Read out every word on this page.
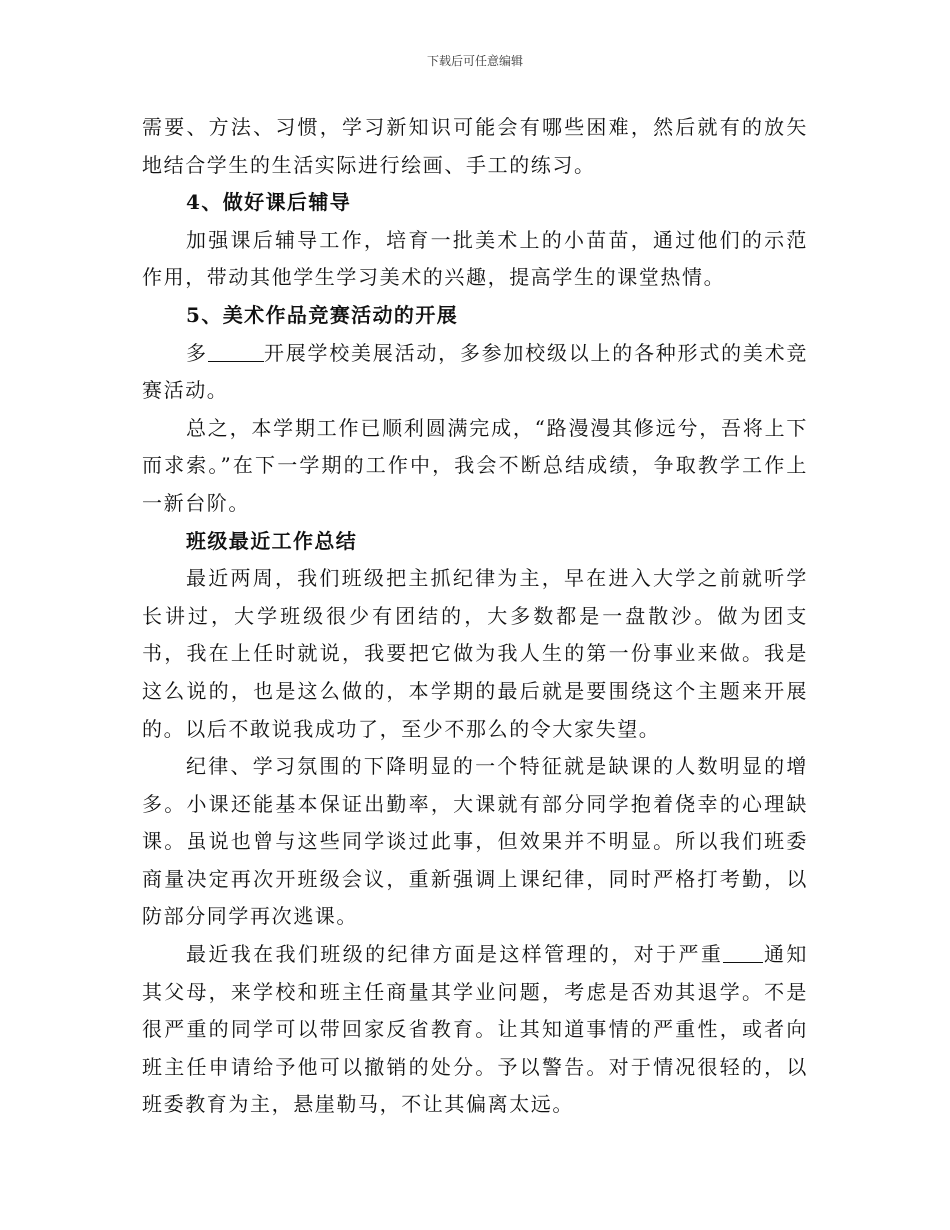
下载后可任意编辑

需要、方法、习惯，学习新知识可能会有哪些困难，然后就有的放矢地结合学生的生活实际进行绘画、手工的练习。

4、做好课后辅导

加强课后辅导工作，培育一批美术上的小苗苗，通过他们的示范作用，带动其他学生学习美术的兴趣，提高学生的课堂热情。

5、美术作品竞赛活动的开展

多	开展学校美展活动，多参加校级以上的各种形式的美术竞赛活动。

总之，本学期工作已顺利圆满完成，“路漫漫其修远兮，吾将上下而求索。”在下一学期的工作中，我会不断总结成绩，争取教学工作上一新台阶。

班级最近工作总结

最近两周，我们班级把主抓纪律为主，早在进入大学之前就听学长讲过，大学班级很少有团结的，大多数都是一盘散沙。做为团支书，我在上任时就说，我要把它做为我人生的第一份事业来做。我是这么说的，也是这么做的，本学期的最后就是要围绕这个主题来开展的。以后不敢说我成功了，至少不那么的令大家失望。

纪律、学习氛围的下降明显的一个特征就是缺课的人数明显的增多。小课还能基本保证出勤率，大课就有部分同学抱着侥幸的心理缺课。虽说也曾与这些同学谈过此事，但效果并不明显。所以我们班委商量决定再次开班级会议，重新强调上课纪律，同时严格打考勤，以防部分同学再次逃课。

最近我在我们班级的纪律方面是这样管理的，对于严重 通知其父母，来学校和班主任商量其学业问题，考虑是否劝其退学。不是很严重的同学可以带回家反省教育。让其知道事情的严重性，或者向班主任申请给予他可以撤销的处分。予以警告。对于情况很轻的，以班委教育为主，悬崖勒马，不让其偏离太远。
